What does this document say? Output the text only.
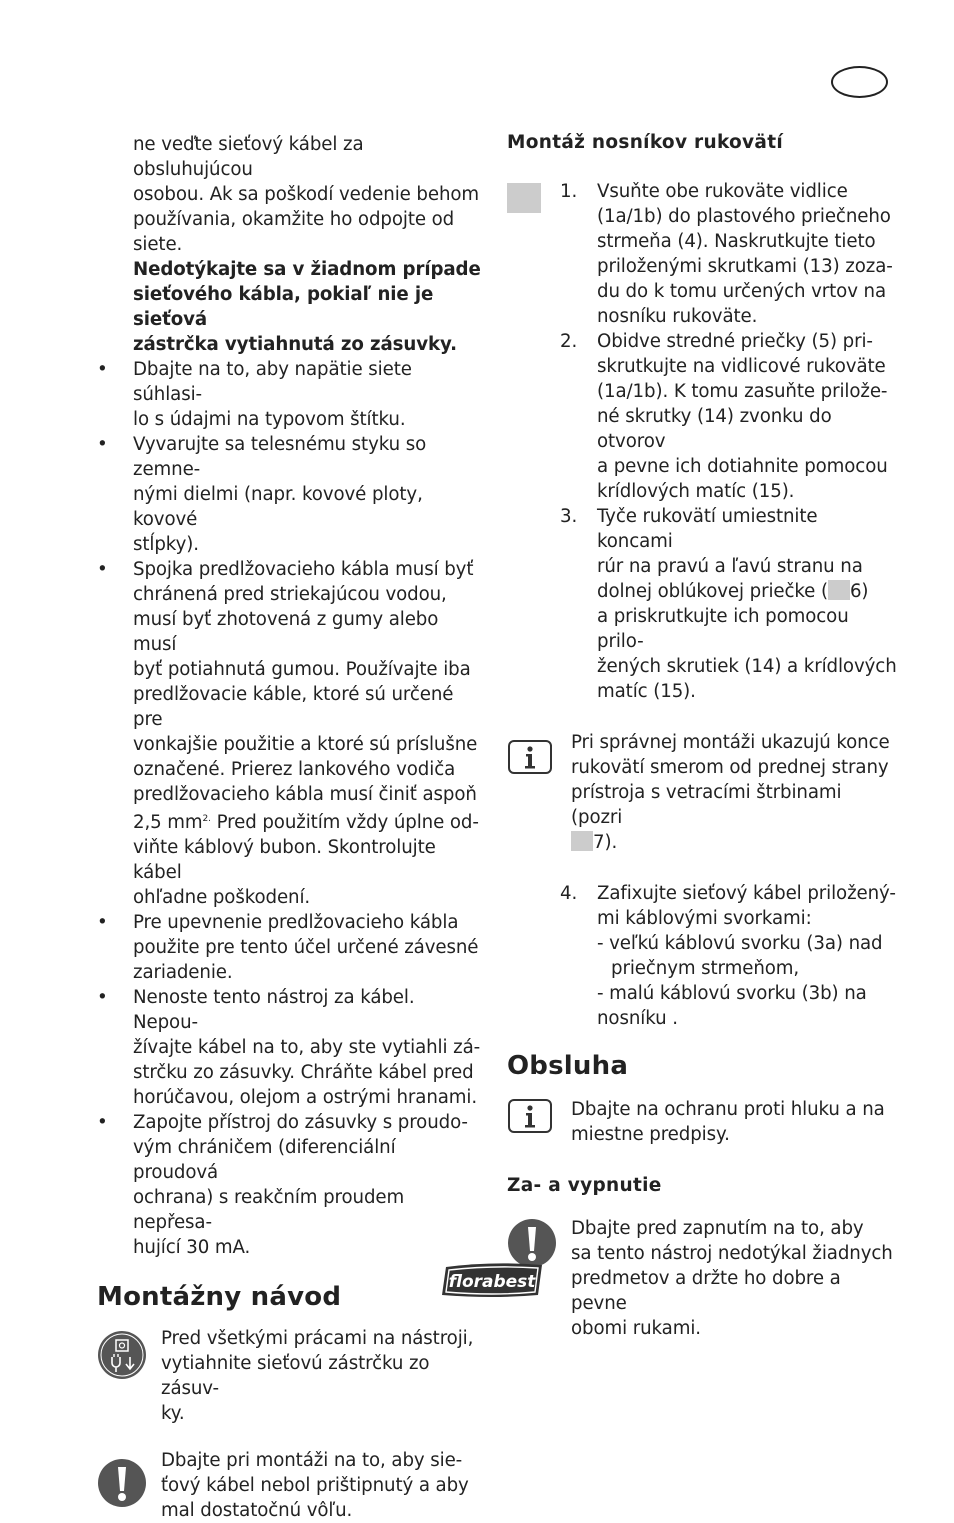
ne veďte sieťový kábel za obsluhujúcou
osobou. Ak sa poškodí vedenie behom
používania, okamžite ho odpojte od
siete.
Nedotýkajte sa v žiadnom prípade
sieťového kábla, pokiaľ nie je sieťová
zástrčka vytiahnutá zo zásuvky.
•	Dbajte na to, aby napätie siete súhlasi-
lo s údajmi na typovom štítku.
•	Vyvarujte sa telesnému styku so zemne-
nými dielmi (napr. kovové ploty, kovové
stĺpky).
•	Spojka predlžovacieho kábla musí byť
chránená pred striekajúcou vodou,
musí byť zhotovená z gumy alebo musí
byť potiahnutá gumou. Používajte iba
predlžovacie káble, ktoré sú určené pre
vonkajšie použitie a ktoré sú príslušne
označené. Prierez lankového vodiča
predlžovacieho kábla musí činiť aspoň
2,5 $mm^{2.}$ Pred použitím vždy úplne od-
viňte káblový bubon. Skontrolujte kábel
ohľadne poškodení.
•	Pre upevnenie predlžovacieho kábla
použite pre tento účel určené závesné
zariadenie.
•	Nenoste tento nástroj za kábel. Nepou-
žívajte kábel na to, aby ste vytiahli zá-
strčku zo zásuvky. Chráňte kábel pred
horúčavou, olejom a ostrými hranami.
•	Zapojte přístroj do zásuvky s proudo-
vým chráničem (diferenciální proudová
ochrana) s reakčním proudem nepřesa-
hující 30 mA.
Montážny návod
Pred všetkými prácami na nástroji,
vytiahnite sieťovú zástrčku zo zásuv-
ky.
Dbajte pri montáži na to, aby sie-
ťový kábel nebol prištipnutý a aby
mal dostatočnú vôľu.
Montáž nosníkov rukovätí
1. Vsuňte obe rukoväte vidlice
(1a/1b) do plastového priečneho
strmeňa (4). Naskrutkujte tieto
priloženými skrutkami (13) zoza-
du do k tomu určených vrtov na
nosníku rukoväte.
2. Obidve stredné priečky (5) pri-
skrutkujte na vidlicové rukoväte
(1a/1b). K tomu zasuňte prilože-
né skrutky (14) zvonku do otvorov
a pevne ich dotiahnite pomocou
krídlových matíc (15).
3. Tyče rukovätí umiestnite koncami
rúr na pravú a ľavú stranu na
dolnej oblúkovej priečke ( 6)
a priskrutkujte ich pomocou prilo-
žených skrutiek (14) a krídlových
matíc (15).
Pri správnej montáži ukazujú konce
rukovätí smerom od prednej strany
prístroja s vetracími štrbinami (pozri
7).
4. Zafixujte sieťový kábel priložený-
mi káblovými svorkami:
- veľkú káblovú svorku (3a) nad
priečnym strmeňom,
- malú káblovú svorku (3b) na
nosníku .
Obsluha
Dbajte na ochranu proti hluku a na
miestne predpisy.
Za- a vypnutie
Dbajte pred zapnutím na to, aby
sa tento nástroj nedotýkal žiadnych
predmetov a držte ho dobre a pevne
obomi rukami.
florabest
